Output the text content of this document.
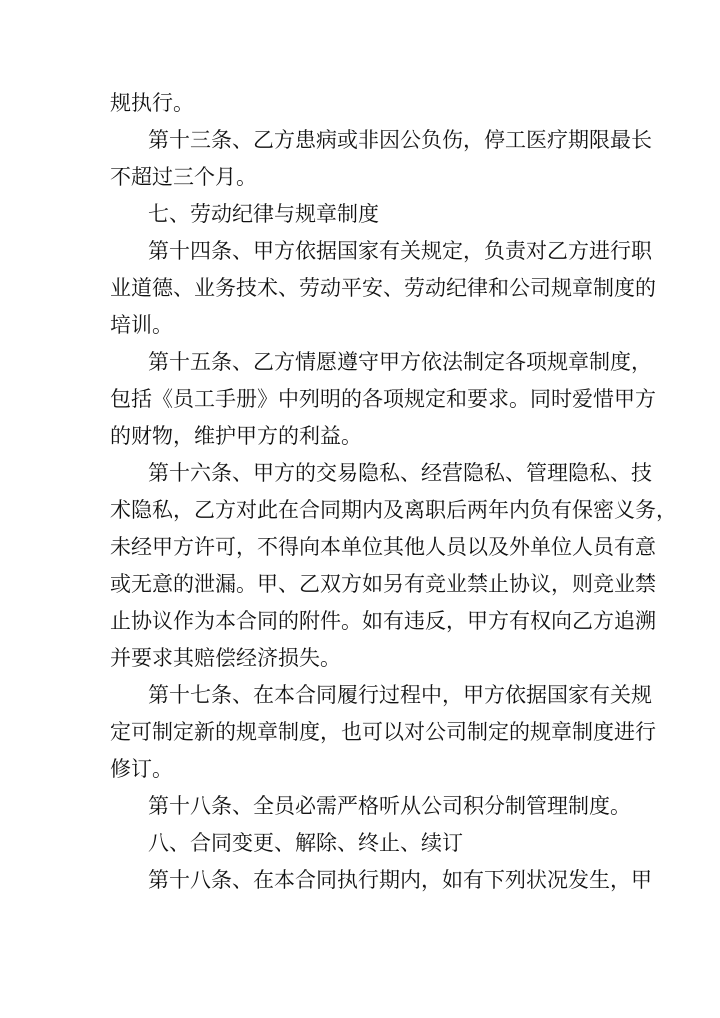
规执行。
第十三条、乙方患病或非因公负伤，停工医疗期限最长
不超过三个月。
七、劳动纪律与规章制度
第十四条、甲方依据国家有关规定，负责对乙方进行职
业道德、业务技术、劳动平安、劳动纪律和公司规章制度的
培训。
第十五条、乙方情愿遵守甲方依法制定各项规章制度，
包括《员工手册》中列明的各项规定和要求。同时爱惜甲方
的财物，维护甲方的利益。
第十六条、甲方的交易隐私、经营隐私、管理隐私、技
术隐私，乙方对此在合同期内及离职后两年内负有保密义务，
未经甲方许可，不得向本单位其他人员以及外单位人员有意
或无意的泄漏。甲、乙双方如另有竞业禁止协议，则竞业禁
止协议作为本合同的附件。如有违反，甲方有权向乙方追溯
并要求其赔偿经济损失。
第十七条、在本合同履行过程中，甲方依据国家有关规
定可制定新的规章制度，也可以对公司制定的规章制度进行
修订。
第十八条、全员必需严格听从公司积分制管理制度。
八、合同变更、解除、终止、续订
第十八条、在本合同执行期内，如有下列状况发生，甲
